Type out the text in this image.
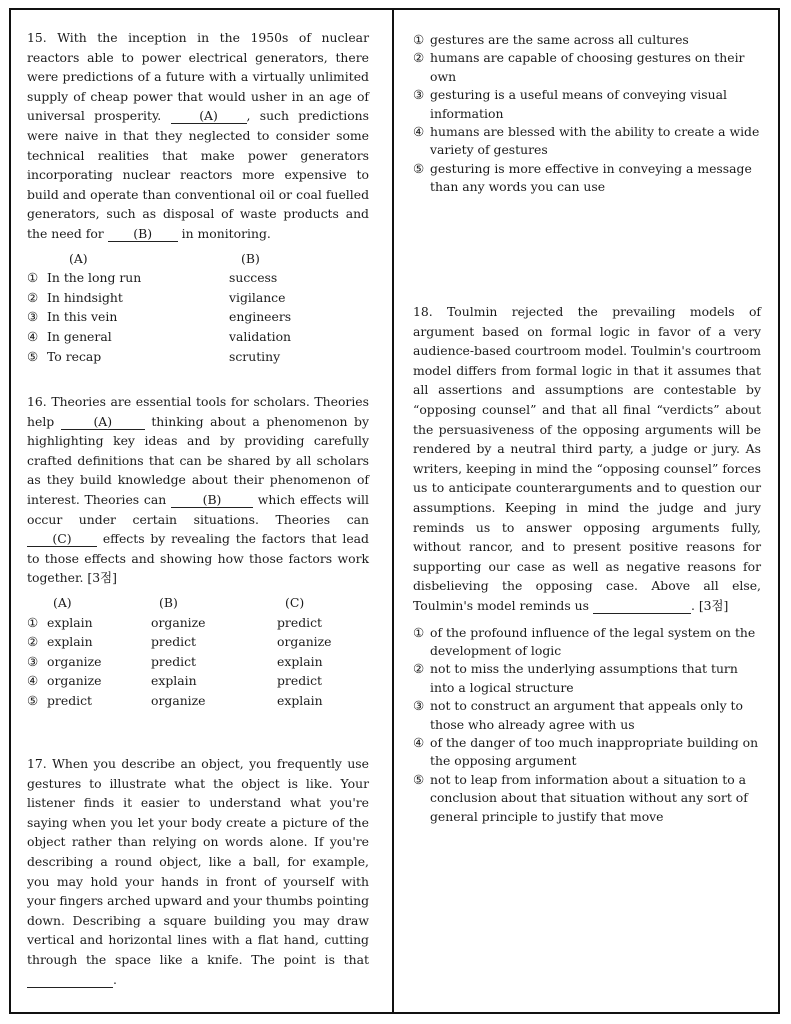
15. With the inception in the 1950s of nuclear reactors able to power electrical generators, there were predictions of a future with a virtually unlimited supply of cheap power that would usher in an age of universal prosperity.	(A) , such predictions were naive in that they neglected to consider some technical realities that make power generators incorporating nuclear reactors more expensive to build and operate than conventional oil or coal fuelled generators, such as disposal of waste products and the need for (B) in monitoring.

	(A)	(B)
①	In the long run	success
②	In hindsight	vigilance
③	In this vein	engineers
④	In general	validation
⑤	To recap	scrutiny

16. Theories are essential tools for scholars. Theories help	(A)	thinking about a phenomenon by highlighting key ideas and by providing carefully crafted definitions that can be shared by all scholars as they build knowledge about their phenomenon of interest. Theories can	(B)	which effects will occur under certain situations. Theories can (C)	effects by revealing the factors that lead to those effects and showing how those factors work together. [3점]

	(A)	(B)	(C)
①	explain	organize	predict
②	explain	predict	organize
③	organize	predict	explain
④	organize	explain	predict
⑤	predict	organize	explain

17. When you describe an object, you frequently use gestures to illustrate what the object is like. Your listener finds it easier to understand what you're saying when you let your body create a picture of the object rather than relying on words alone. If you're describing a round object, like a ball, for example, you may hold your hands in front of yourself with your fingers arched upward and your thumbs pointing down. Describing a square building you may draw vertical and horizontal lines with a flat hand, cutting through the space like a knife. The point is that  .

① gestures are the same across all cultures
② humans are capable of choosing gestures on their own
③ gesturing is a useful means of conveying visual information
④ humans are blessed with the ability to create a wide variety of gestures
⑤ gesturing is more effective in conveying a message than any words you can use

18. Toulmin rejected the prevailing models of argument based on formal logic in favor of a very audience-based courtroom model. Toulmin's courtroom model differs from formal logic in that it assumes that all assertions and assumptions are contestable by “opposing counsel” and that all final “verdicts” about the persuasiveness of the opposing arguments will be rendered by a neutral third party, a judge or jury. As writers, keeping in mind the “opposing counsel” forces us to anticipate counterarguments and to question our assumptions. Keeping in mind the judge and jury reminds us to answer opposing arguments fully, without rancor, and to present positive reasons for supporting our case as well as negative reasons for disbelieving the opposing case. Above all else, Toulmin's model reminds us	. [3점]

① of the profound influence of the legal system on the development of logic
② not to miss the underlying assumptions that turn into a logical structure
③ not to construct an argument that appeals only to those who already agree with us
④ of the danger of too much inappropriate building on the opposing argument
⑤ not to leap from information about a situation to a conclusion about that situation without any sort of general principle to justify that move
